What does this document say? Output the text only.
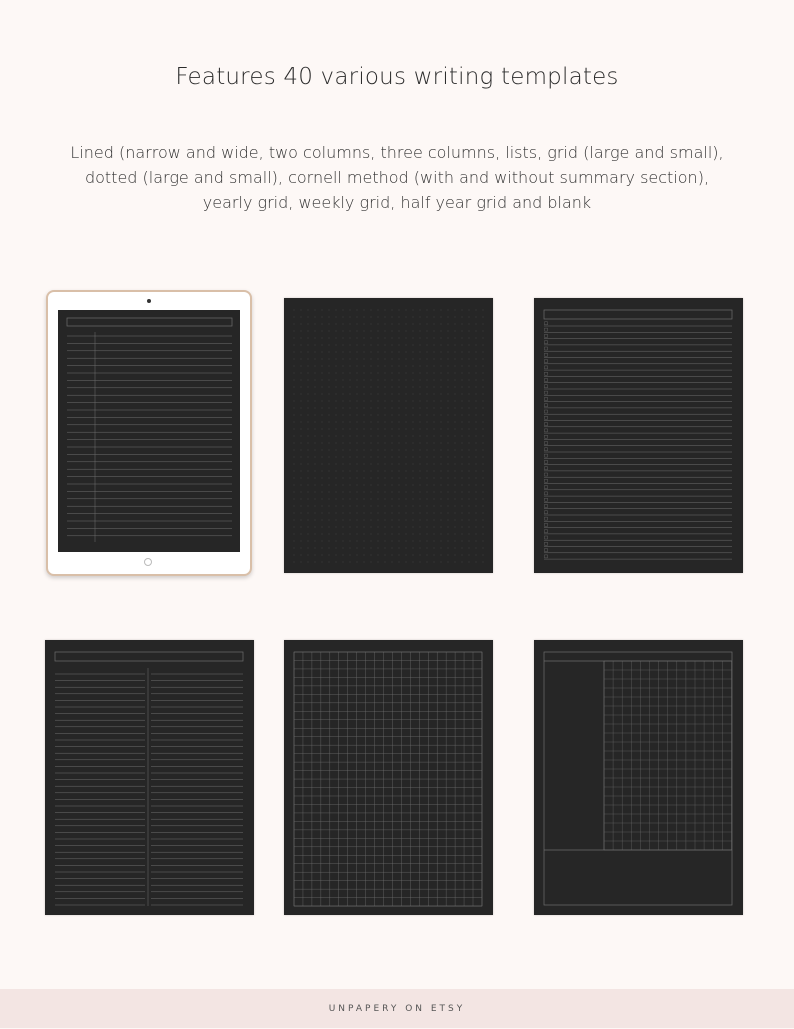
Features 40 various writing templates
Lined (narrow and wide, two columns, three columns, lists, grid (large and small),
dotted (large and small), cornell method (with and without summary section),
yearly grid, weekly grid, half year grid and blank
UNPAPERY ON ETSY
